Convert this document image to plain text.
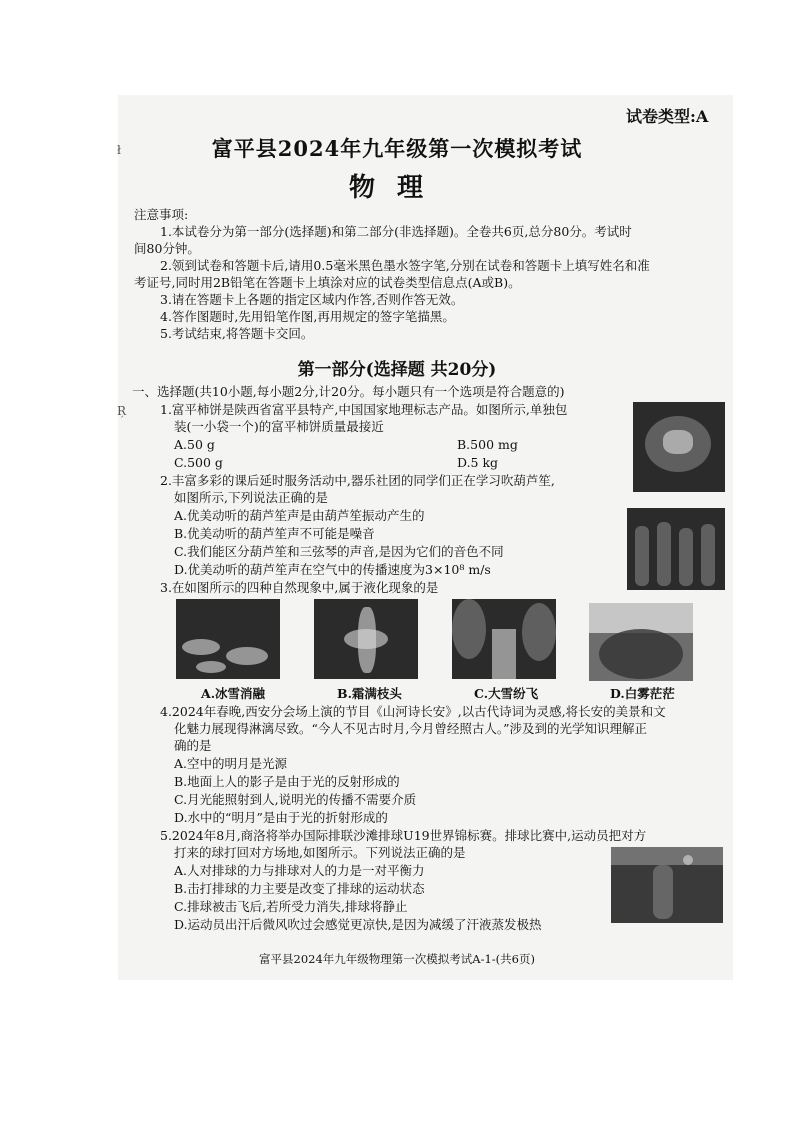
ł
Ŗ
试卷类型:A
富平县2024年九年级第一次模拟考试
物理
注意事项:
1.本试卷分为第一部分(选择题)和第二部分(非选择题)。全卷共6页,总分80分。考试时
间80分钟。
2.领到试卷和答题卡后,请用0.5毫米黑色墨水签字笔,分别在试卷和答题卡上填写姓名和准
考证号,同时用2B铅笔在答题卡上填涂对应的试卷类型信息点(A或B)。
3.请在答题卡上各题的指定区域内作答,否则作答无效。
4.答作图题时,先用铅笔作图,再用规定的签字笔描黑。
5.考试结束,将答题卡交回。
第一部分(选择题 共20分)
一、选择题(共10小题,每小题2分,计20分。每小题只有一个选项是符合题意的)
1.富平柿饼是陕西省富平县特产,中国国家地理标志产品。如图所示,单独包
装(一小袋一个)的富平柿饼质量最接近
A.50 g	B.500 mg
C.500 g	D.5 kg
2.丰富多彩的课后延时服务活动中,器乐社团的同学们正在学习吹葫芦笙,
如图所示,下列说法正确的是
A.优美动听的葫芦笙声是由葫芦笙振动产生的
B.优美动听的葫芦笙声不可能是噪音
C.我们能区分葫芦笙和三弦琴的声音,是因为它们的音色不同
D.优美动听的葫芦笙声在空气中的传播速度为3×10⁸ m/s
3.在如图所示的四种自然现象中,属于液化现象的是
A.冰雪消融	B.霜满枝头	C.大雪纷飞	D.白雾茫茫
4.2024年春晚,西安分会场上演的节目《山河诗长安》,以古代诗词为灵感,将长安的美景和文
化魅力展现得淋漓尽致。“今人不见古时月,今月曾经照古人。”涉及到的光学知识理解正
确的是
A.空中的明月是光源
B.地面上人的影子是由于光的反射形成的
C.月光能照射到人,说明光的传播不需要介质
D.水中的“明月”是由于光的折射形成的
5.2024年8月,商洛将举办国际排联沙滩排球U19世界锦标赛。排球比赛中,运动员把对方
打来的球打回对方场地,如图所示。下列说法正确的是
A.人对排球的力与排球对人的力是一对平衡力
B.击打排球的力主要是改变了排球的运动状态
C.排球被击飞后,若所受力消失,排球将静止
D.运动员出汗后微风吹过会感觉更凉快,是因为减缓了汗液蒸发极热
富平县2024年九年级物理第一次模拟考试A-1-(共6页)
